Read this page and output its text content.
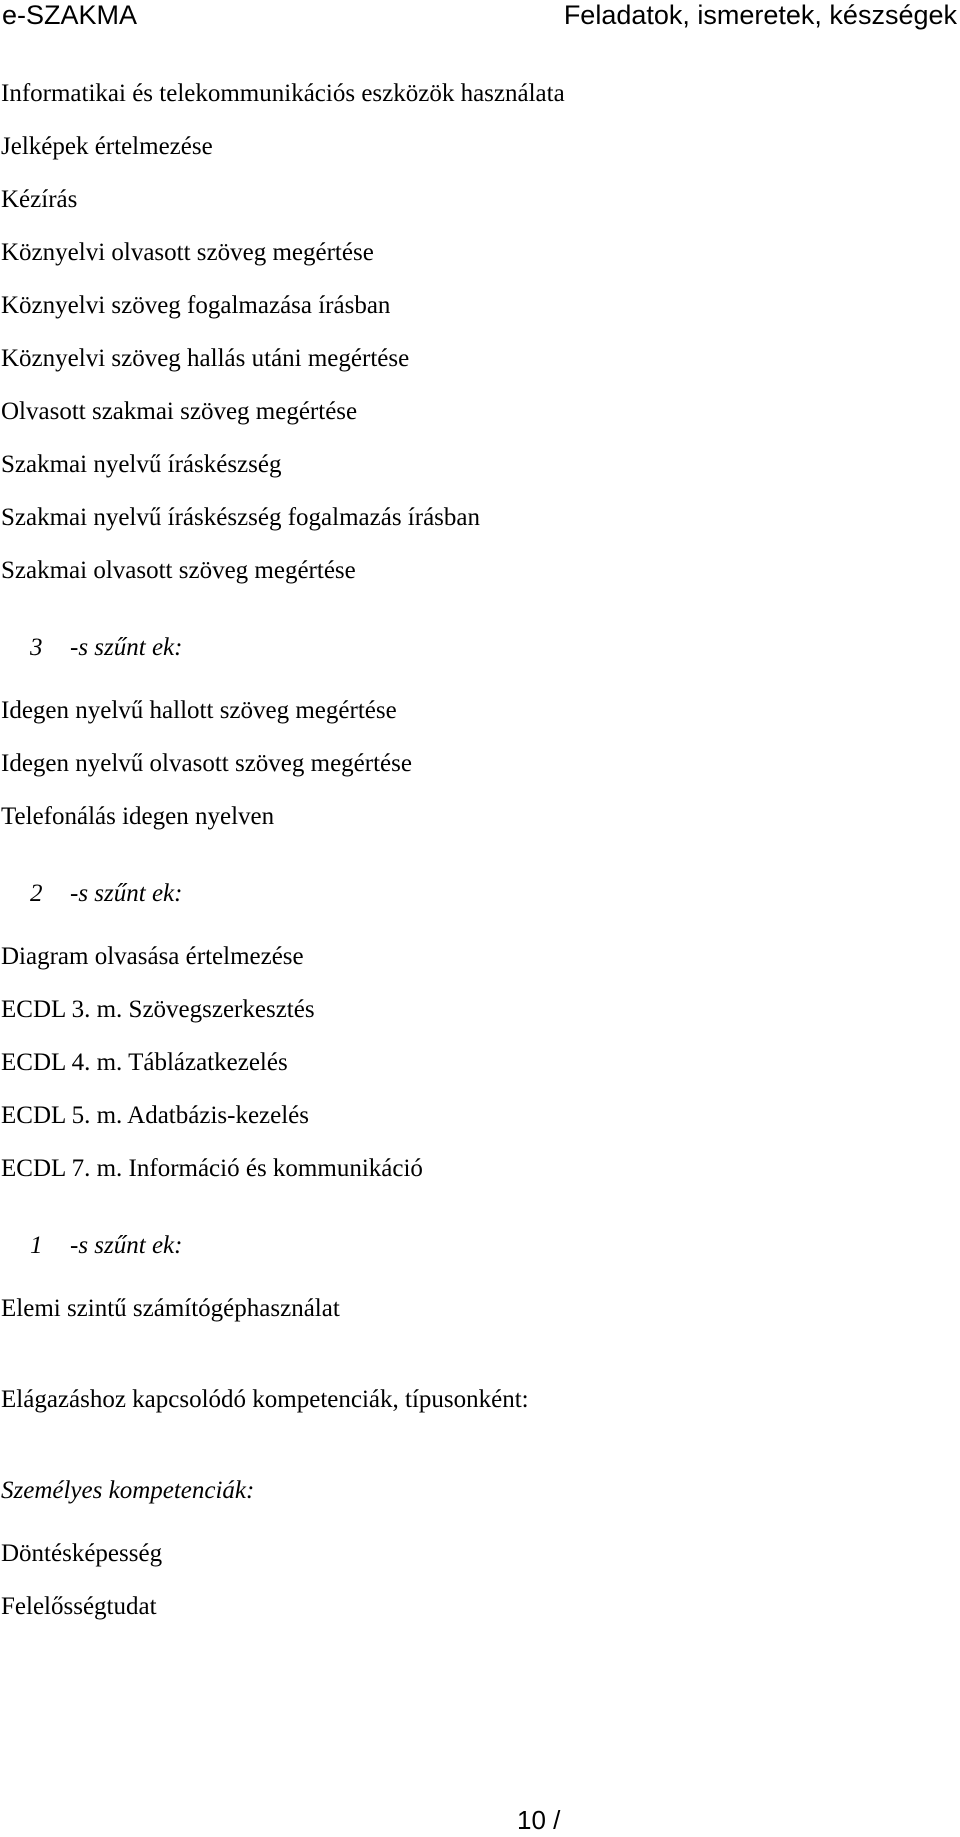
e-SZAKMA	Feladatok, ismeretek, készségek
Informatikai és telekommunikációs eszközök használata
Jelképek értelmezése
Kézírás
Köznyelvi olvasott szöveg megértése
Köznyelvi szöveg fogalmazása írásban
Köznyelvi szöveg hallás utáni megértése
Olvasott szakmai szöveg megértése
Szakmai nyelvű íráskészség
Szakmai nyelvű íráskészség fogalmazás írásban
Szakmai olvasott szöveg megértése
3 -s szűnt ek:
Idegen nyelvű hallott szöveg megértése
Idegen nyelvű olvasott szöveg megértése
Telefonálás idegen nyelven
2 -s szűnt ek:
Diagram olvasása értelmezése
ECDL 3. m. Szövegszerkesztés
ECDL 4. m. Táblázatkezelés
ECDL 5. m. Adatbázis-kezelés
ECDL 7. m. Információ és kommunikáció
1 -s szűnt ek:
Elemi szintű számítógéphasználat
Elágazáshoz kapcsolódó kompetenciák, típusonként:
Személyes kompetenciák:
Döntésképesség
Felelősségtudat
10 /
